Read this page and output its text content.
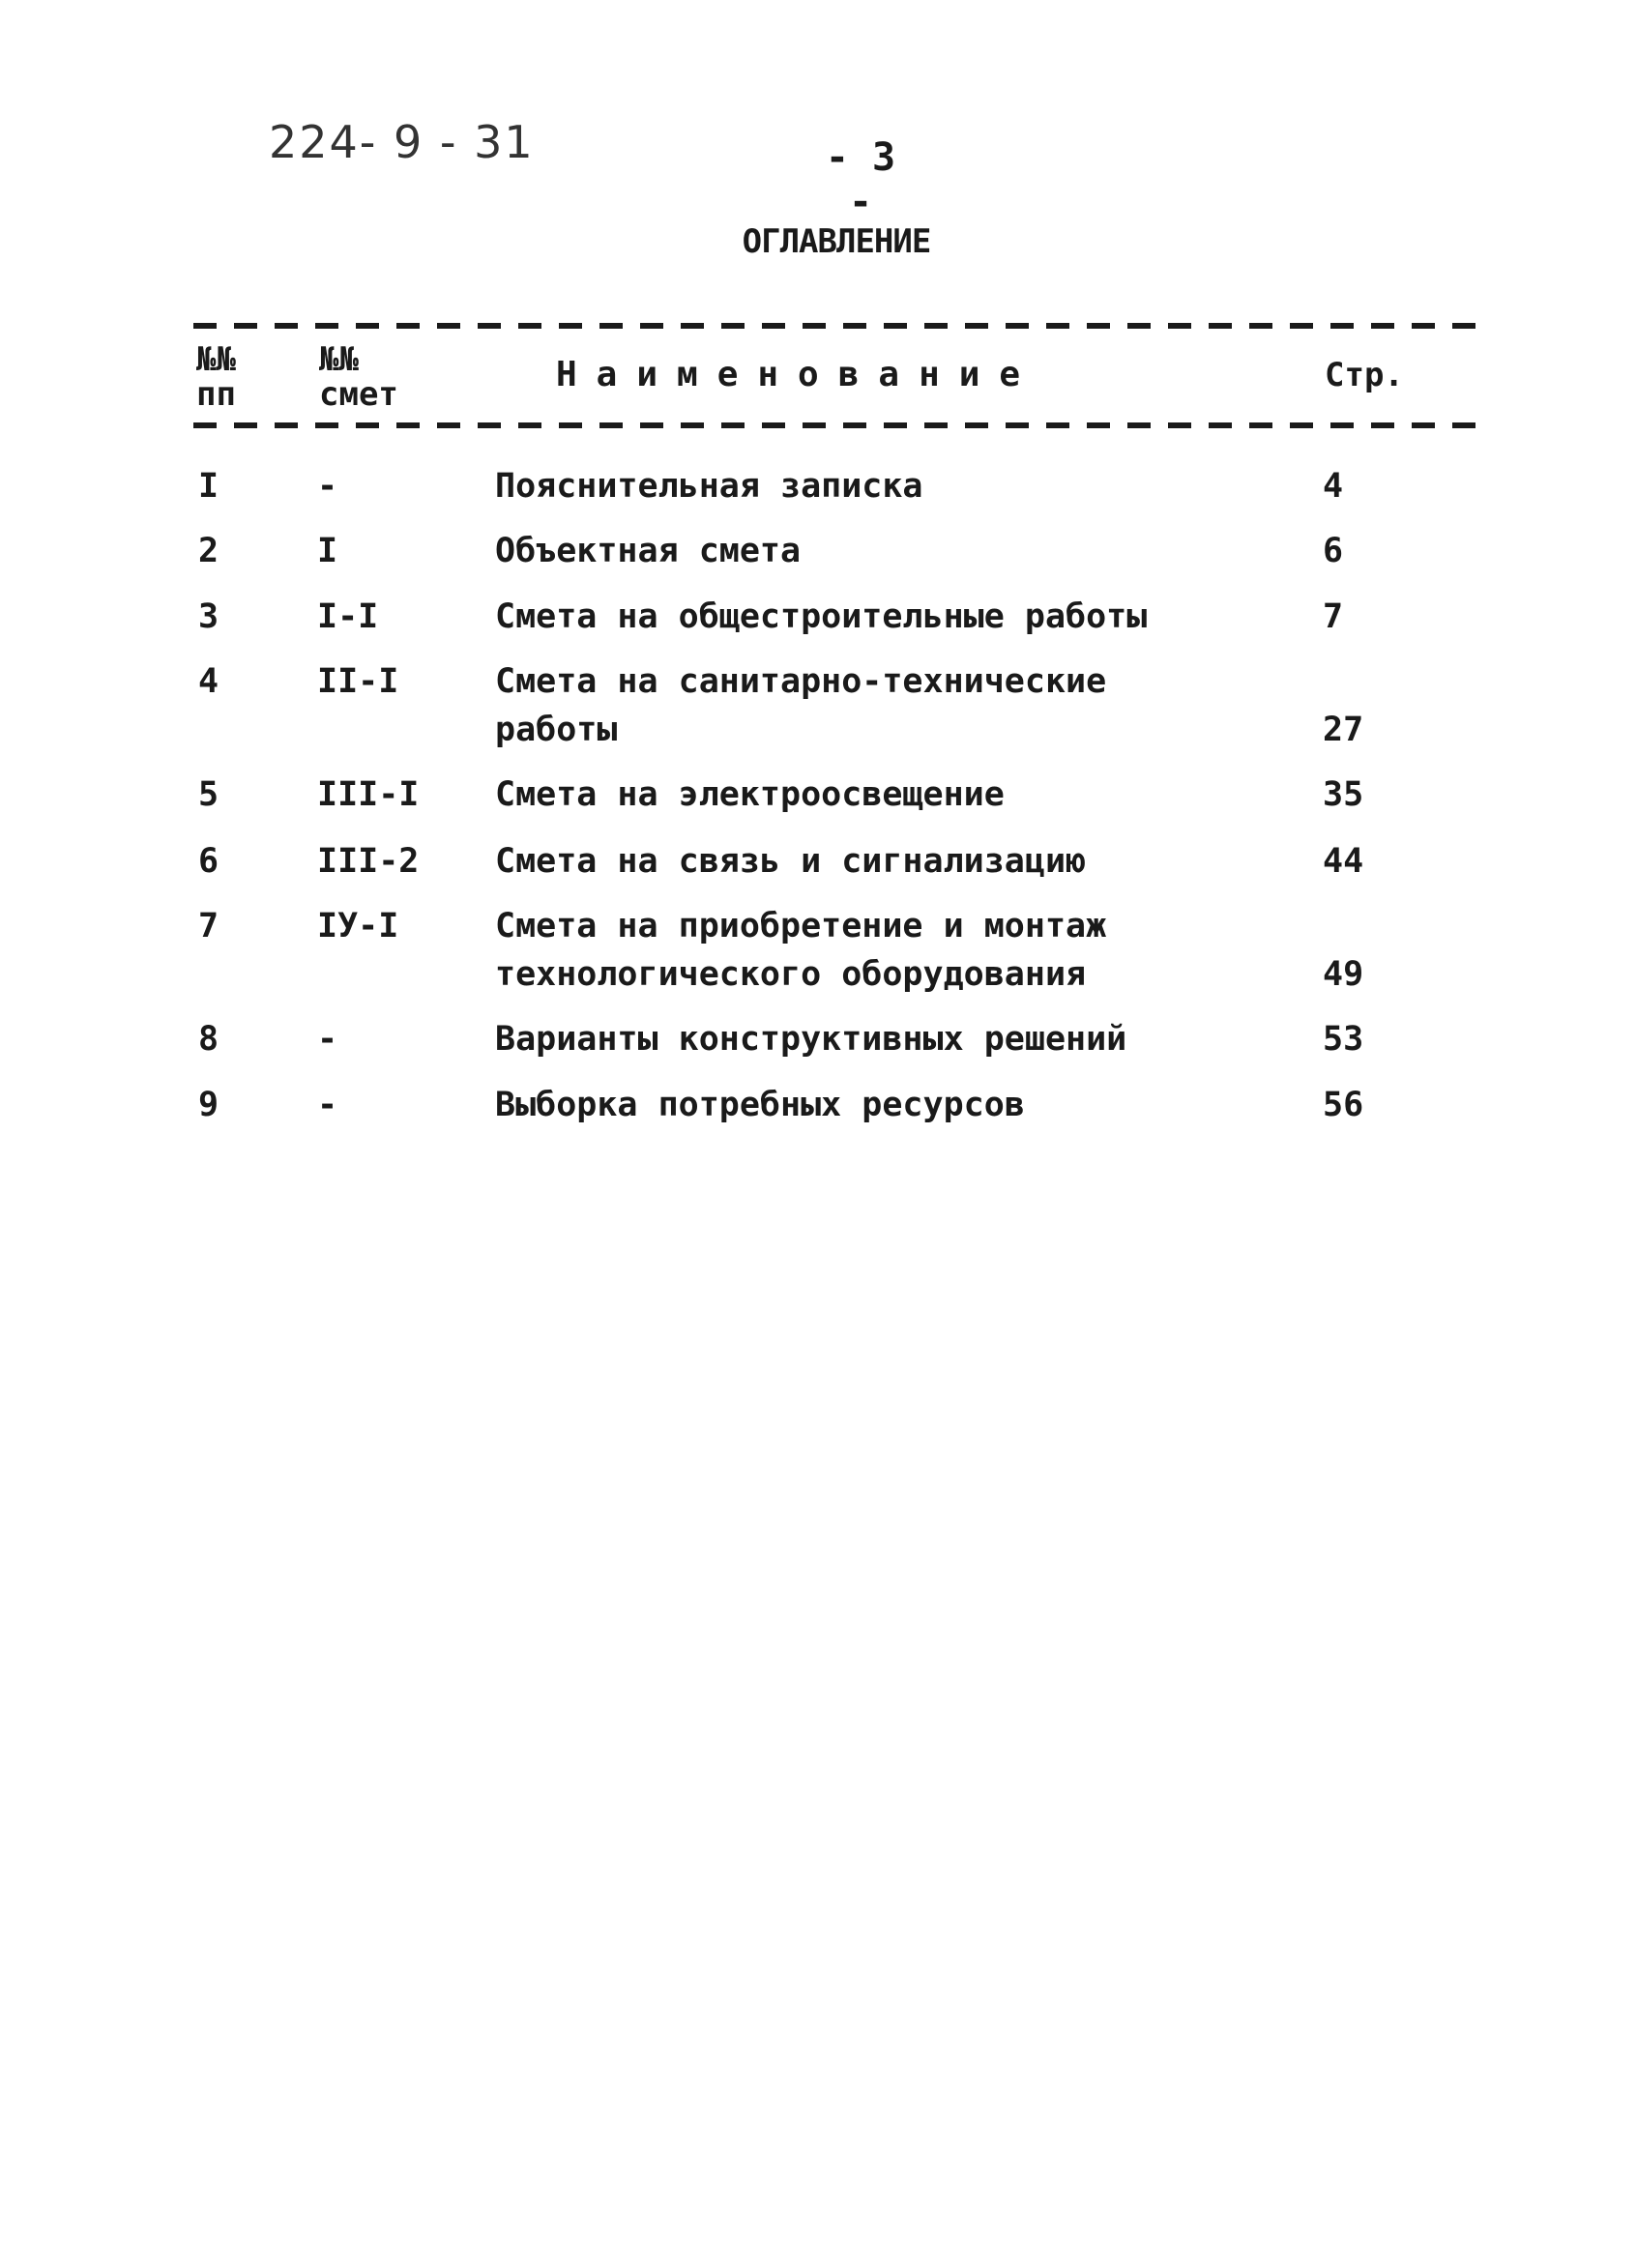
224- 9 - 31	- 3 -
ОГЛАВЛЕНИЕ
№№
пп
№№
смет	Наименование	Стр.
I	-	Пояснительная записка	4
2	I	Объектная смета	6
3	I-I	Смета на общестроительные работы	7
4	II-I	Смета на санитарно-технические
работы	27
5	III-I Смета на электроосвещение	35
6	III-2 Смета на связь и сигнализацию	44
7	IУ-I	Смета на приобретение и монтаж
технологического оборудования	49
8	-	Варианты конструктивных решений	53
9	-	Выборка потребных ресурсов	56
